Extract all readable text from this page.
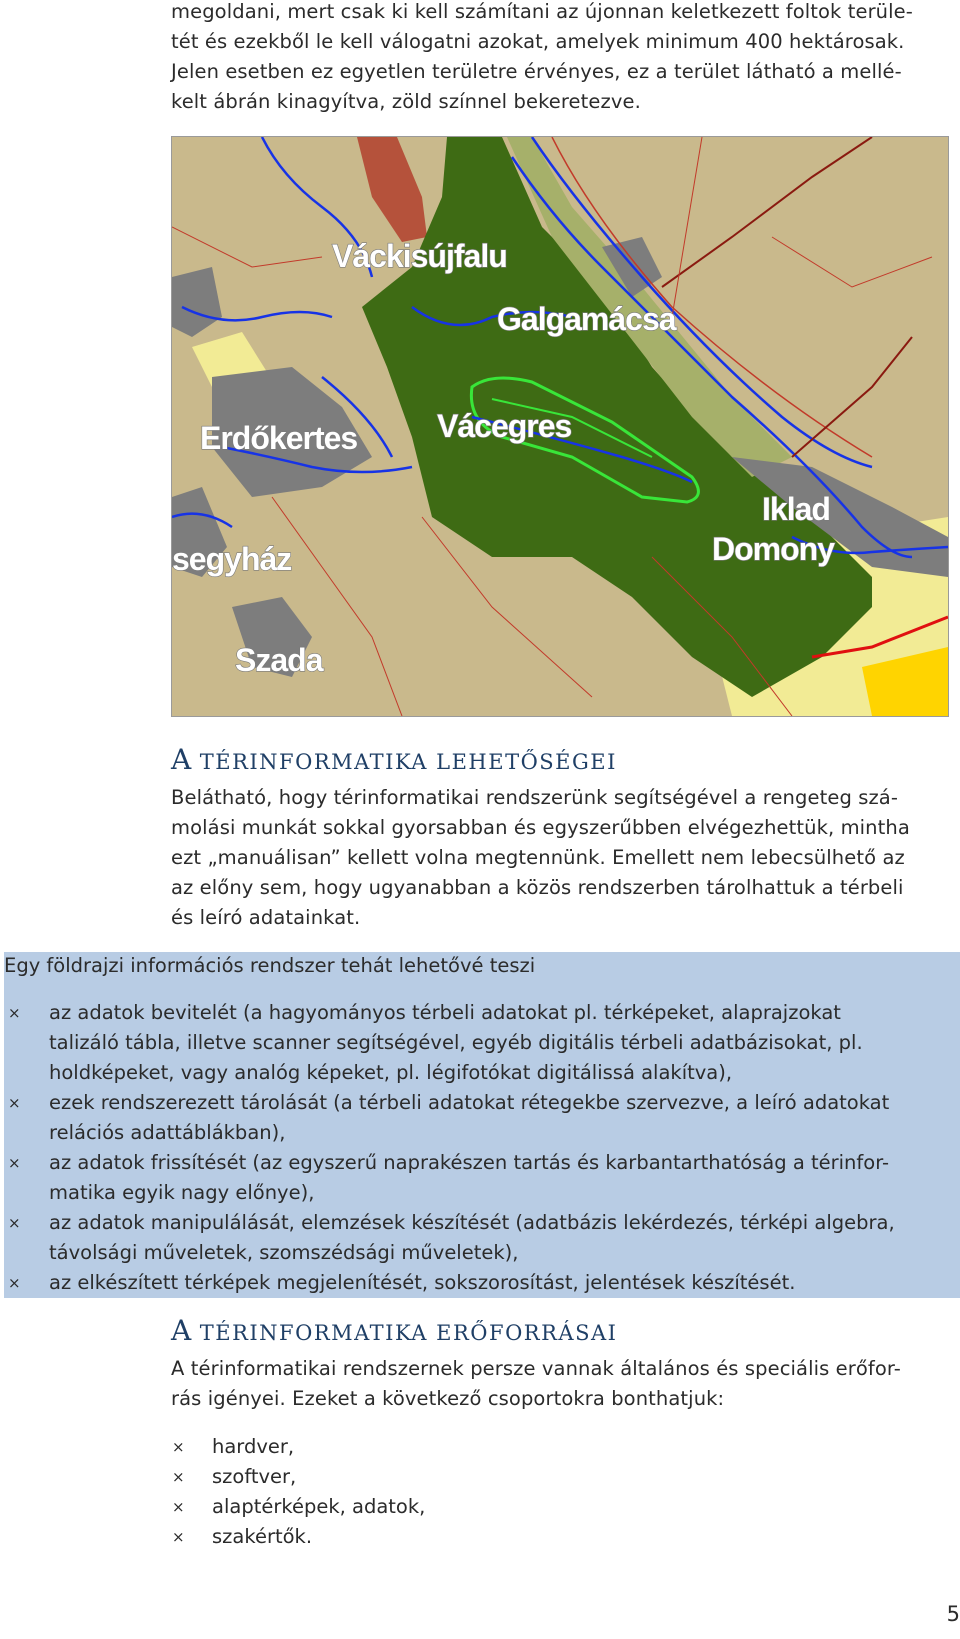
megoldani, mert csak ki kell számítani az újonnan keletkezett foltok terüle-
tét és ezekből le kell válogatni azokat, amelyek minimum 400 hektárosak.
Jelen esetben ez egyetlen területre érvényes, ez a terület látható a mellé-
kelt ábrán kinagyítva, zöld színnel bekeretezve.
Váckisújfalu
Galgamácsa
Erdőkertes Vácegres
Iklad
Domony
segyház
Szada
A TÉRINFORMATIKA LEHETŐSÉGEI
Belátható, hogy térinformatikai rendszerünk segítségével a rengeteg szá-
molási munkát sokkal gyorsabban és egyszerűbben elvégezhettük, mintha
ezt „manuálisan” kellett volna megtennünk. Emellett nem lebecsülhető az
az előny sem, hogy ugyanabban a közös rendszerben tárolhattuk a térbeli
és leíró adatainkat.
Egy földrajzi információs rendszer tehát lehetővé teszi
× az adatok bevitelét (a hagyományos térbeli adatokat pl. térképeket, alaprajzokat
talizáló tábla, illetve scanner segítségével, egyéb digitális térbeli adatbázisokat, pl.
holdképeket, vagy analóg képeket, pl. légifotókat digitálissá alakítva),
× ezek rendszerezett tárolását (a térbeli adatokat rétegekbe szervezve, a leíró adatokat
relációs adattáblákban),
× az adatok frissítését (az egyszerű naprakészen tartás és karbantarthatóság a térinfor-
matika egyik nagy előnye),
× az adatok manipulálását, elemzések készítését (adatbázis lekérdezés, térképi algebra,
távolsági műveletek, szomszédsági műveletek),
× az elkészített térképek megjelenítését, sokszorosítást, jelentések készítését.
A TÉRINFORMATIKA ERŐFORRÁSAI
A térinformatikai rendszernek persze vannak általános és speciális erőfor-
rás igényei. Ezeket a következő csoportokra bonthatjuk:
× hardver,
× szoftver,
× alaptérképek, adatok,
× szakértők.
5
